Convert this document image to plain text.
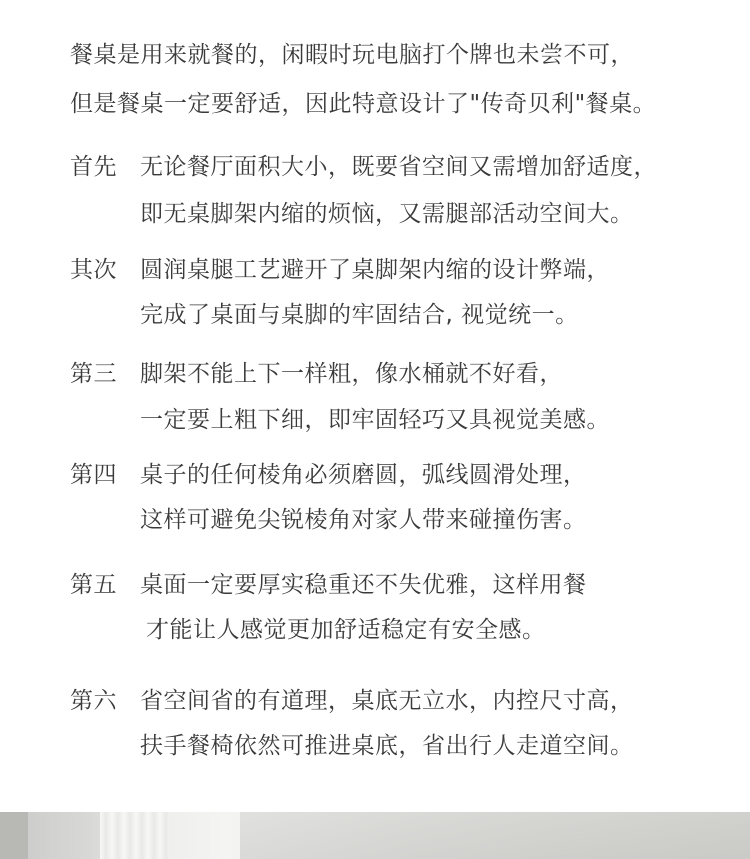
餐桌是用来就餐的，闲暇时玩电脑打个牌也未尝不可，
但是餐桌一定要舒适，因此特意设计了"传奇贝利"餐桌。
首先 无论餐厅面积大小，既要省空间又需增加舒适度，
即无桌脚架内缩的烦恼，又需腿部活动空间大。
其次 圆润桌腿工艺避开了桌脚架内缩的设计弊端，
完成了桌面与桌脚的牢固结合, 视觉统一。
第三 脚架不能上下一样粗，像水桶就不好看，
一定要上粗下细，即牢固轻巧又具视觉美感。
第四 桌子的任何棱角必须磨圆，弧线圆滑处理，
这样可避免尖锐棱角对家人带来碰撞伤害。
第五 桌面一定要厚实稳重还不失优雅，这样用餐
才能让人感觉更加舒适稳定有安全感。
第六 省空间省的有道理，桌底无立水，内控尺寸高，
扶手餐椅依然可推进桌底，省出行人走道空间。
